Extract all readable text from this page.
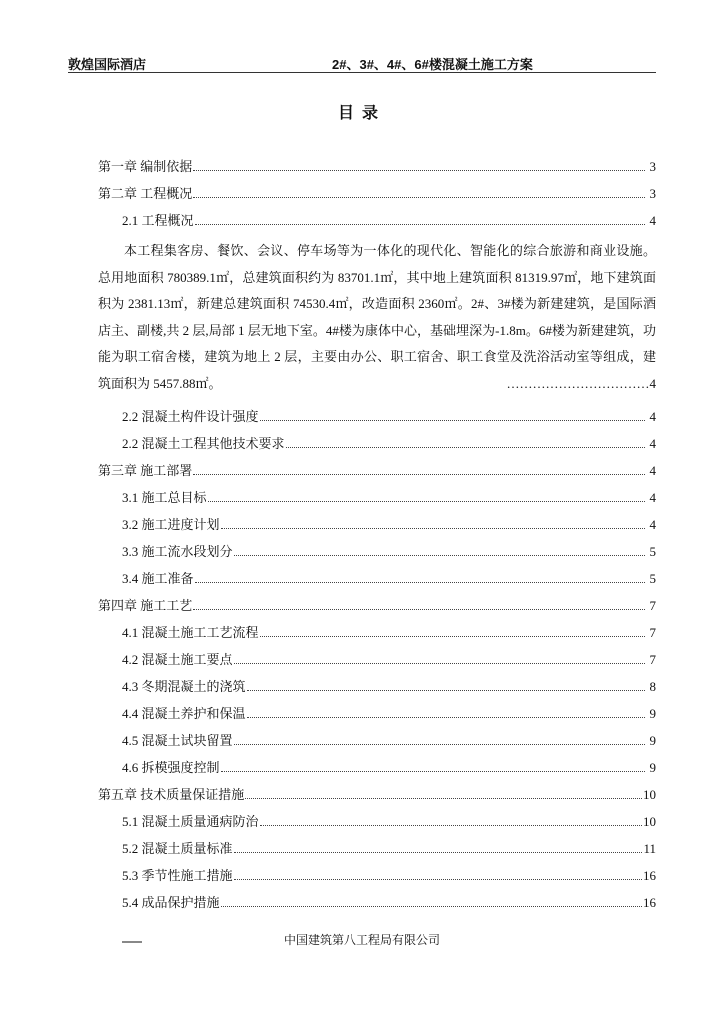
敦煌国际酒店	2#、3#、4#、6#楼混凝土施工方案
目录
第一章 编制依据	3
第二章 工程概况	3
2.1 工程概况	4

本工程集客房、餐饮、会议、停车场等为一体化的现代化、智能化的综合旅游和商业设施。总用地面积 780389.1㎡，总建筑面积约为 83701.1㎡，其中地上建筑面积 81319.97㎡，地下建筑面积为 2381.13㎡，新建总建筑面积 74530.4㎡，改造面积 2360㎡。2#、3#楼为新建建筑，是国际酒店主、副楼,共 2 层,局部 1 层无地下室。4#楼为康体中心，基础埋深为-1.8m。6#楼为新建建筑，功能为职工宿舍楼，建筑为地上 2 层，主要由办公、职工宿舍、职工食堂及洗浴活动室等组成，建筑面积为 5457.88㎡。	……………………………4

2.2 混凝土构件设计强度	4
2.2 混凝土工程其他技术要求	4
第三章 施工部署	4
3.1 施工总目标	4
3.2 施工进度计划	4
3.3 施工流水段划分	5
3.4 施工准备	5
第四章 施工工艺	7
4.1 混凝土施工工艺流程	7
4.2 混凝土施工要点	7
4.3 冬期混凝土的浇筑	8
4.4 混凝土养护和保温	9
4.5 混凝土试块留置	9
4.6 拆模强度控制	9
第五章 技术质量保证措施	10
5.1 混凝土质量通病防治	10
5.2 混凝土质量标准	11
5.3 季节性施工措施	16
5.4 成品保护措施	16
中国建筑第八工程局有限公司
